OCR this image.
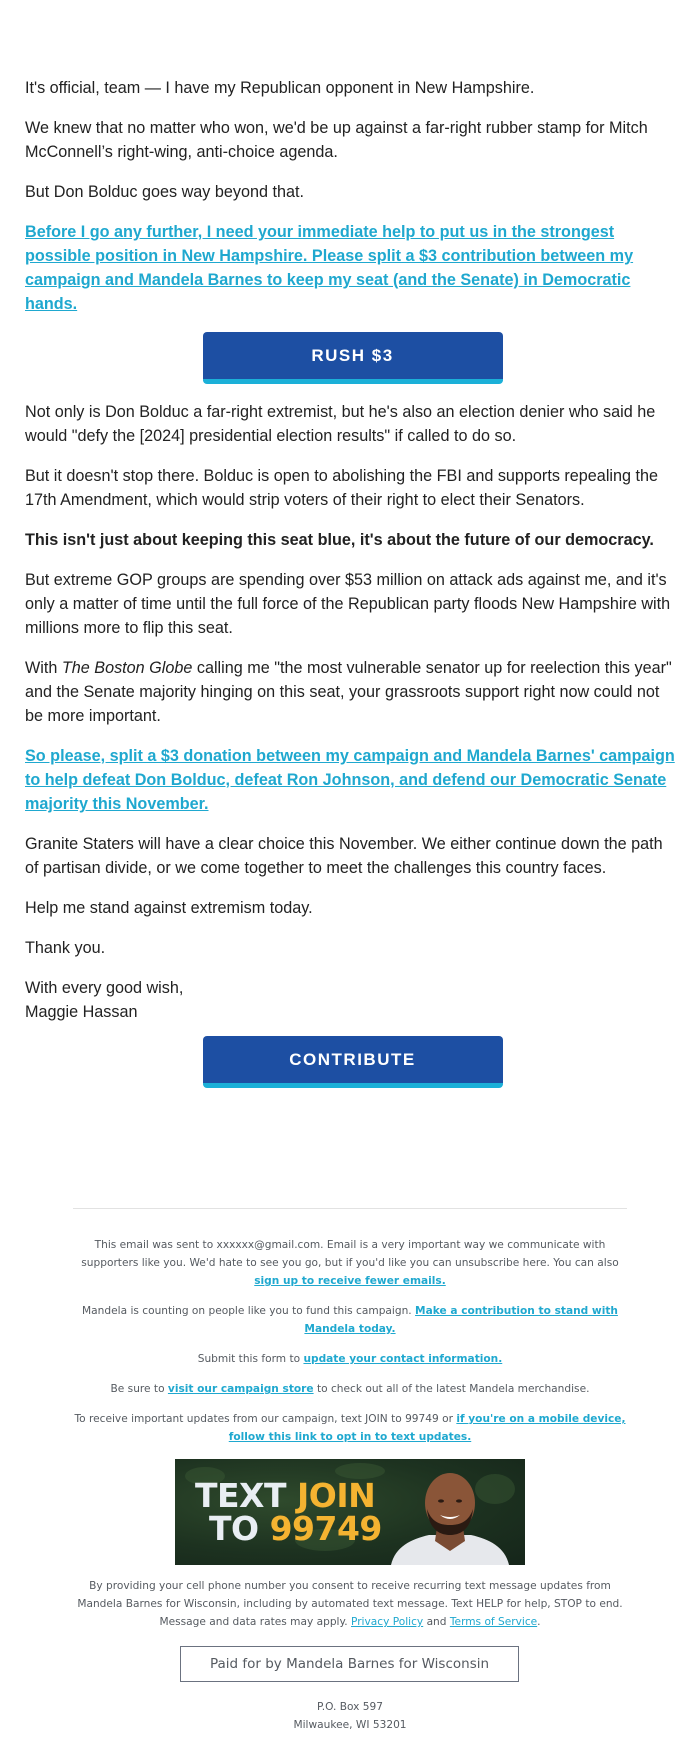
It's official, team — I have my Republican opponent in New Hampshire.

We knew that no matter who won, we'd be up against a far-right rubber stamp for Mitch McConnell’s right-wing, anti-choice agenda.

But Don Bolduc goes way beyond that.

Before I go any further, I need your immediate help to put us in the strongest possible position in New Hampshire. Please split a $3 contribution between my campaign and Mandela Barnes to keep my seat (and the Senate) in Democratic hands.

RUSH $3

Not only is Don Bolduc a far-right extremist, but he's also an election denier who said he would "defy the [2024] presidential election results" if called to do so.

But it doesn't stop there. Bolduc is open to abolishing the FBI and supports repealing the 17th Amendment, which would strip voters of their right to elect their Senators.

This isn't just about keeping this seat blue, it's about the future of our democracy.

But extreme GOP groups are spending over $53 million on attack ads against me, and it's only a matter of time until the full force of the Republican party floods New Hampshire with millions more to flip this seat.

With The Boston Globe calling me "the most vulnerable senator up for reelection this year" and the Senate majority hinging on this seat, your grassroots support right now could not be more important.

So please, split a $3 donation between my campaign and Mandela Barnes' campaign to help defeat Don Bolduc, defeat Ron Johnson, and defend our Democratic Senate majority this November.

Granite Staters will have a clear choice this November. We either continue down the path of partisan divide, or we come together to meet the challenges this country faces.

Help me stand against extremism today.

Thank you.

With every good wish,
Maggie Hassan

CONTRIBUTE

This email was sent to xxxxxx@gmail.com. Email is a very important way we communicate with supporters like you. We'd hate to see you go, but if you'd like you can unsubscribe here. You can also
sign up to receive fewer emails.

Mandela is counting on people like you to fund this campaign. Make a contribution to stand with Mandela today.

Submit this form to update your contact information.

Be sure to visit our campaign store to check out all of the latest Mandela merchandise.

To receive important updates from our campaign, text JOIN to 99749 or if you're on a mobile device, follow this link to opt in to text updates.

TEXT JOIN
TO 99749
By providing your cell phone number you consent to receive recurring text message updates from Mandela Barnes for Wisconsin, including by automated text message. Text HELP for help, STOP to end. Message and data rates may apply. Privacy Policy and Terms of Service.
Paid for by Mandela Barnes for Wisconsin
P.O. Box 597
Milwaukee, WI 53201
